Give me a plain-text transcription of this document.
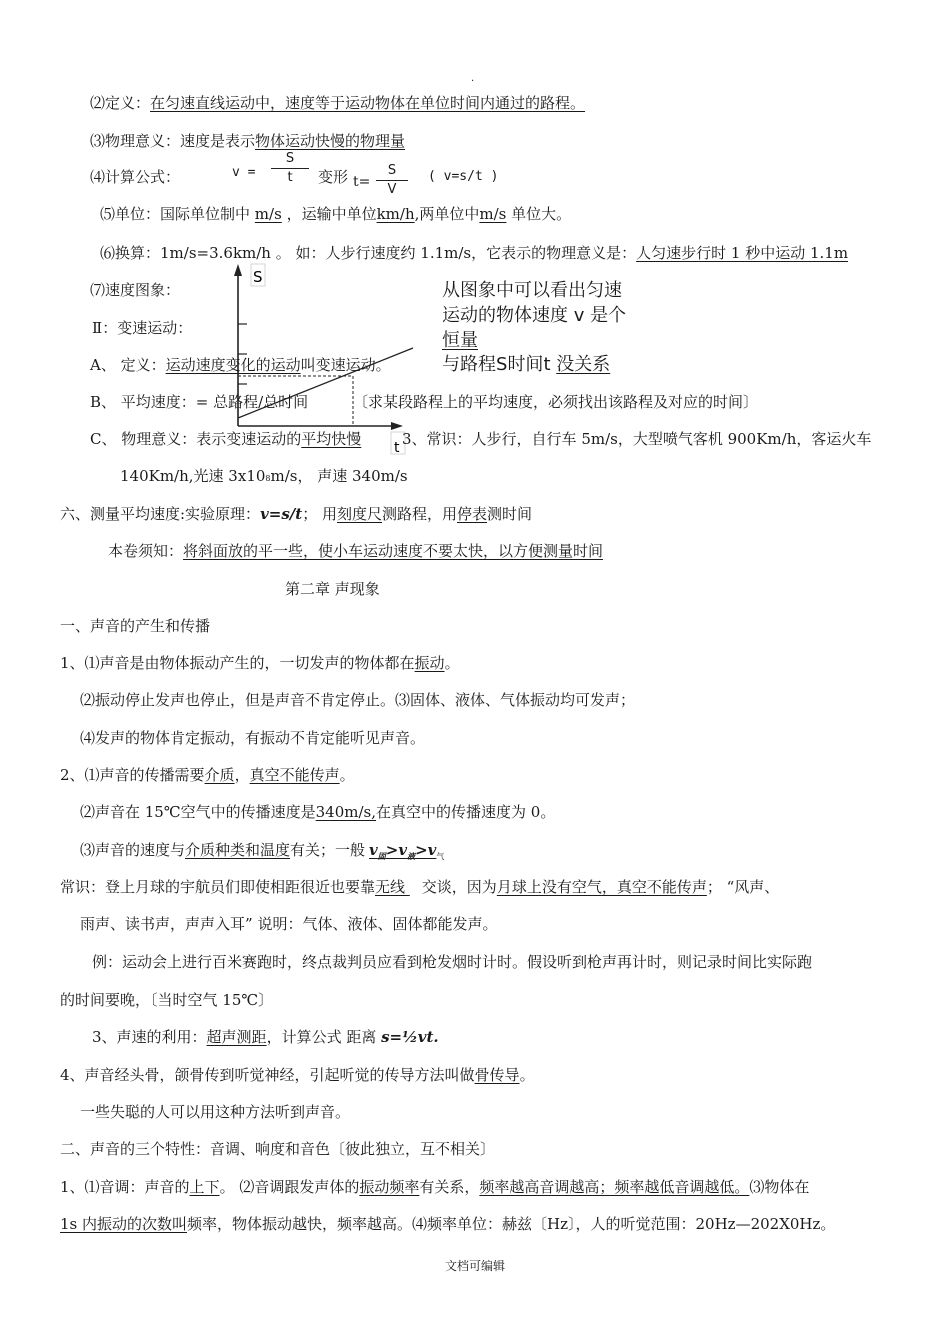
·
⑵定义：在匀速直线运动中，速度等于运动物体在单位时间内通过的路程。
⑶物理意义：速度是表示物体运动快慢的物理量
⑷计算公式：	v =
S
t	变形 t=
S
V
( v=s/t )
⑸单位：国际单位制中 m/s ，运输中单位km/h,两单位中m/s 单位大。
⑹换算：1m/s=3.6km/h 。 如：人步行速度约 1.1m/s，它表示的物理意义是：人匀速步行时 1 秒中运动 1.1m
⑺速度图象：
S
t
从图象中可以看出匀速
运动的物体速度 v 是个
恒量
与路程S时间t 没关系
Ⅱ：变速运动：
A、 定义：运动速度变化的运动叫变速运动。
B、 平均速度：= 总路程/总时间	〔求某段路程上的平均速度，必须找出该路程及对应的时间〕
C、 物理意义：表示变速运动的平均快慢	3、常识：人步行，自行车 5m/s，大型喷气客机 900Km/h，客运火车
140Km/h,光速 3x108m/s， 声速 340m/s
六、测量平均速度:实验原理：v=s/t； 用刻度尺测路程，用停表测时间
本卷须知：将斜面放的平一些，使小车运动速度不要太快，以方便测量时间
第二章 声现象
一、声音的产生和传播
1、⑴声音是由物体振动产生的，一切发声的物体都在振动。
⑵振动停止发声也停止，但是声音不肯定停止。⑶固体、液体、气体振动均可发声；
⑷发声的物体肯定振动，有振动不肯定能听见声音。
2、⑴声音的传播需要介质，真空不能传声。
⑵声音在 15℃空气中的传播速度是340m/s,在真空中的传播速度为 0。
⑶声音的速度与介质种类和温度有关；一般 $v_固>v_液>v_气$
常识：登上月球的宇航员们即使相距很近也要靠无线 交谈，因为月球上没有空气，真空不能传声； “风声、
雨声、读书声，声声入耳” 说明：气体、液体、固体都能发声。
例：运动会上进行百米赛跑时，终点裁判员应看到枪发烟时计时。假设听到枪声再计时，则记录时间比实际跑
的时间要晚，〔当时空气 15℃〕
3、声速的利用：超声测距，计算公式 距离 s=½vt.
4、声音经头骨，颌骨传到听觉神经，引起听觉的传导方法叫做骨传导。
一些失聪的人可以用这种方法听到声音。
二、声音的三个特性：音调、响度和音色〔彼此独立，互不相关〕
1、⑴音调：声音的上下。 ⑵音调跟发声体的振动频率有关系，频率越高音调越高；频率越低音调越低。⑶物体在
1s 内振动的次数叫频率，物体振动越快，频率越高。⑷频率单位：赫兹〔Hz〕，人的听觉范围：20Hz—202X0Hz。
文档可编辑
